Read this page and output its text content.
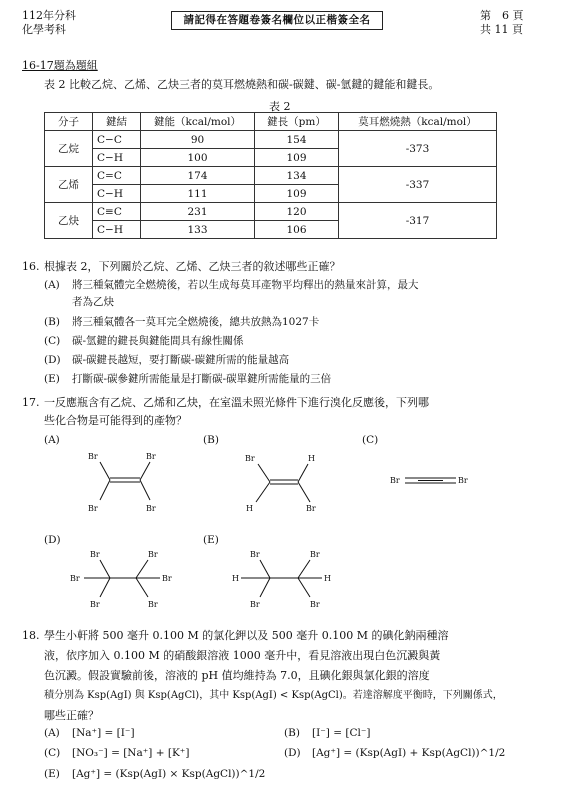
112年分科
化學考科
請記得在答題卷簽名欄位以正楷簽全名	第　6 頁
共 11 頁
16-17題為題組
表 2 比較乙烷、乙烯、乙炔三者的莫耳燃燒熱和碳-碳鍵、碳-氫鍵的鍵能和鍵長。
表 2
分子	鍵結	鍵能（kcal/mol）	鍵長（pm）	莫耳燃燒熱（kcal/mol）
乙烷	C−C	90	154	-373
	C−H	100	109	
乙烯	C=C	174	134	-337
	C−H	111	109	
乙炔	C≡C	231	120	-317
	C−H	133	106	
16. 根據表 2，下列關於乙烷、乙烯、乙炔三者的敘述哪些正確？
(A) 將三種氣體完全燃燒後，若以生成每莫耳產物平均釋出的熱量來計算，最大
者為乙炔
(B) 將三種氣體各一莫耳完全燃燒後，總共放熱為1027卡
(C) 碳-氫鍵的鍵長與鍵能間具有線性關係
(D) 碳-碳鍵長越短，要打斷碳-碳鍵所需的能量越高
(E) 打斷碳-碳參鍵所需能量是打斷碳-碳單鍵所需能量的三倍
17. 一反應瓶含有乙烷、乙烯和乙炔，在室溫未照光條件下進行溴化反應後，下列哪
些化合物是可能得到的產物？
(A)	(B)	(C)
(D)	(E)
Br	Br
Br	Br
Br	H
H	Br
Br	Br
Br	Br
Br	Br
Br	Br
Br	Br
H	H
Br	Br
18. 學生小軒將 500 毫升 0.100 M 的氯化鉀以及 500 毫升 0.100 M 的碘化鈉兩種溶
液，依序加入 0.100 M 的硝酸銀溶液 1000 毫升中，看見溶液出現白色沉澱與黃
色沉澱。假設實驗前後，溶液的 pH 值均維持為 7.0，且碘化銀與氯化銀的溶度
積分別為 Ksp(AgI) 與 Ksp(AgCl)，其中 Ksp(AgI) < Ksp(AgCl)。若達溶解度平衡時，下列關係式，
哪些正確？
(A) [Na⁺] = [I⁻]	(B) [I⁻] = [Cl⁻]
(C) [NO₃⁻] = [Na⁺] + [K⁺]	(D) [Ag⁺] = (Ksp(AgI) + Ksp(AgCl))^1/2
(E) [Ag⁺] = (Ksp(AgI) × Ksp(AgCl))^1/2
